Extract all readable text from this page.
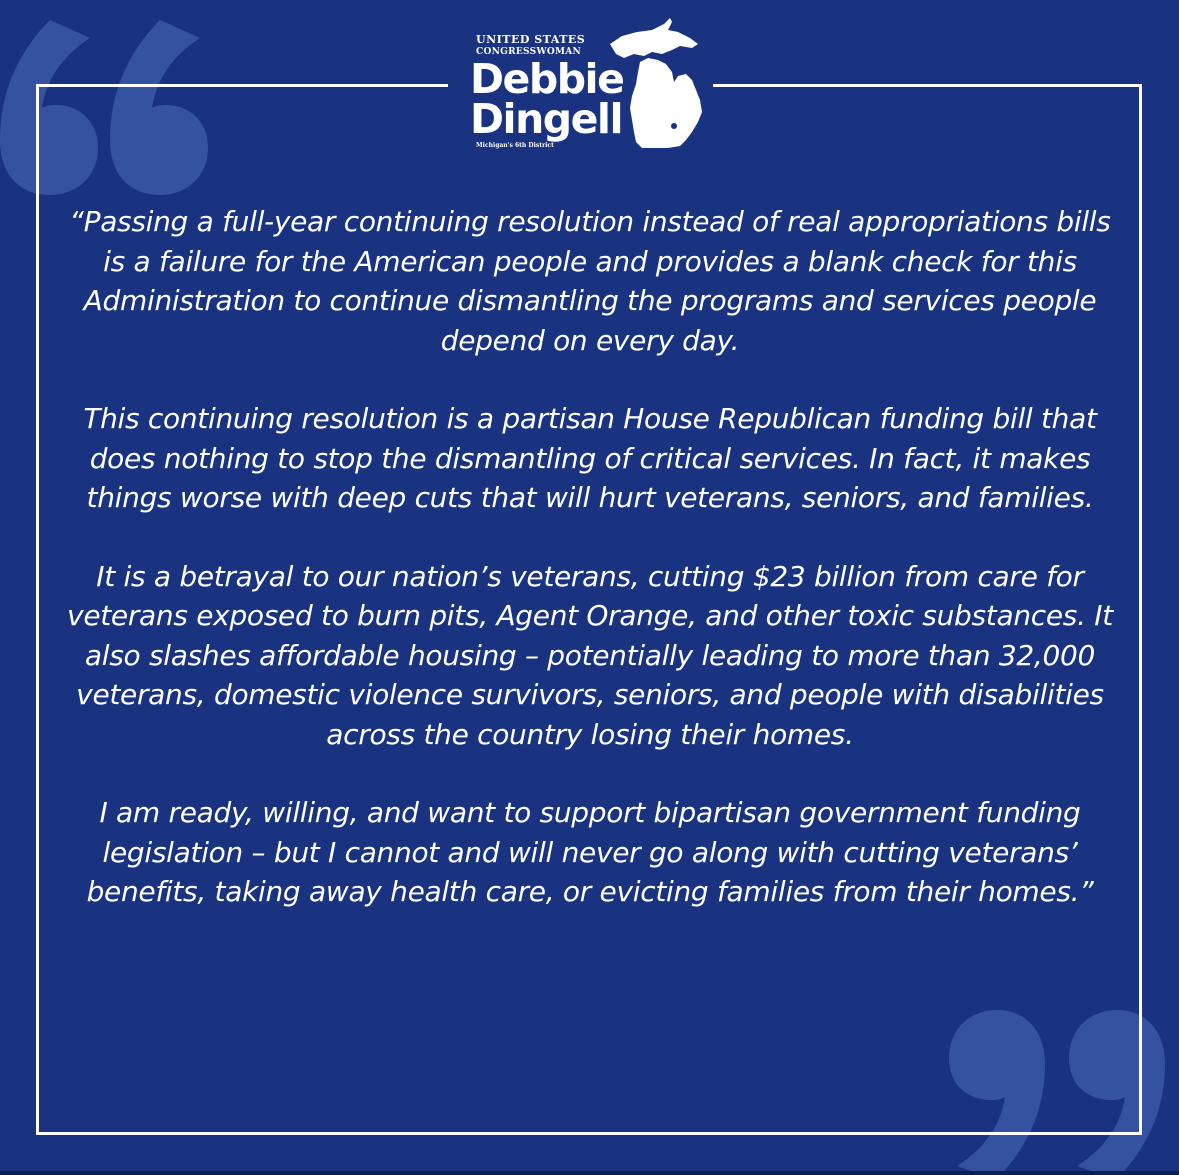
UNITED STATES
CONGRESSWOMAN
Debbie
Dingell
Michigan's 6th District

“Passing a full-year continuing resolution instead of real appropriations bills is a failure for the American people and provides a blank check for this Administration to continue dismantling the programs and services people depend on every day.

This continuing resolution is a partisan House Republican funding bill that does nothing to stop the dismantling of critical services. In fact, it makes things worse with deep cuts that will hurt veterans, seniors, and families.

It is a betrayal to our nation’s veterans, cutting $23 billion from care for veterans exposed to burn pits, Agent Orange, and other toxic substances. It also slashes affordable housing – potentially leading to more than 32,000 veterans, domestic violence survivors, seniors, and people with disabilities across the country losing their homes.

I am ready, willing, and want to support bipartisan government funding legislation – but I cannot and will never go along with cutting veterans’ benefits, taking away health care, or evicting families from their homes.”
